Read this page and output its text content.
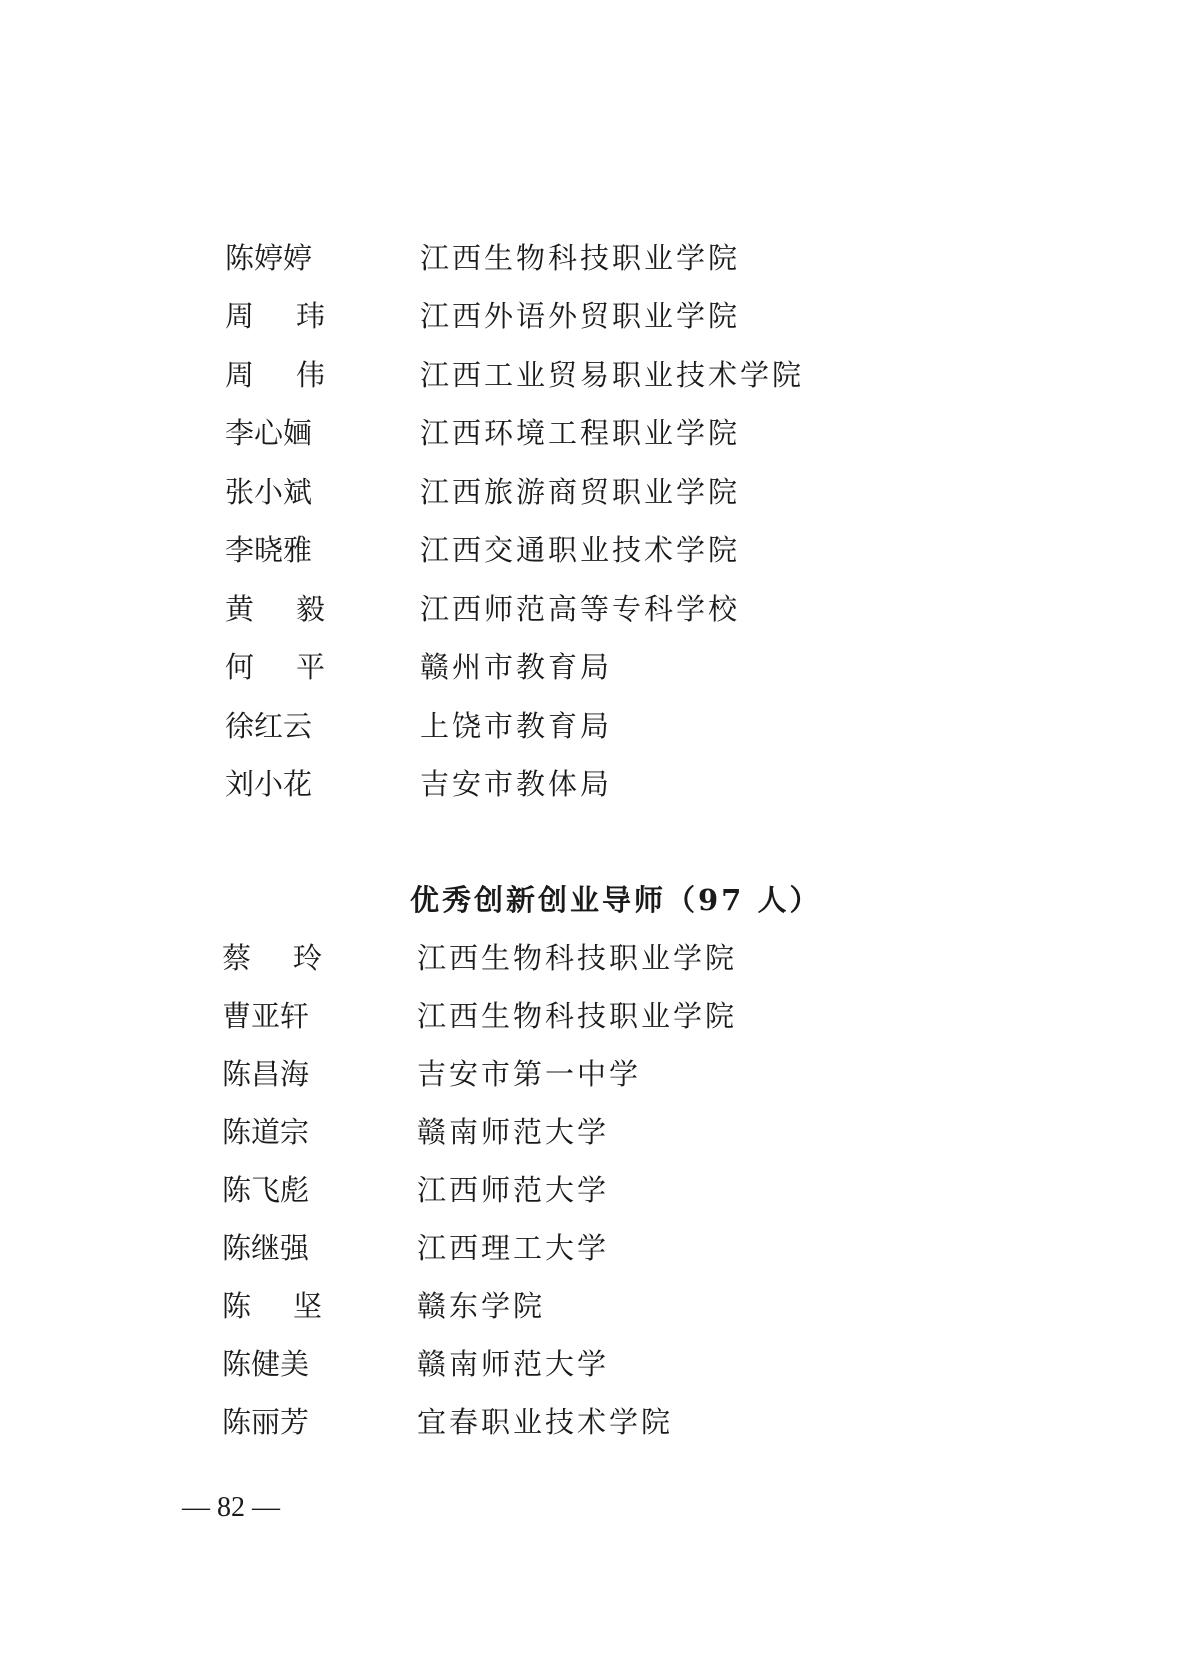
陈 婷 婷	江西生物科技职业学院
周 玮	江西外语外贸职业学院
周 伟	江西工业贸易职业技术学院
李 心 婳	江西环境工程职业学院
张 小 斌	江西旅游商贸职业学院
李 晓 雅	江西交通职业技术学院
黄 毅	江西师范高等专科学校
何 平	赣州市教育局
徐 红 云	上饶市教育局
刘 小 花	吉安市教体局
优秀创新创业导师（97 人）
蔡 玲	江西生物科技职业学院
曹 亚 轩	江西生物科技职业学院
陈 昌 海	吉安市第一中学
陈 道 宗	赣南师范大学
陈 飞 彪	江西师范大学
陈 继 强	江西理工大学
陈 坚	赣东学院
陈 健 美	赣南师范大学
陈 丽 芳	宜春职业技术学院
— 82 —
